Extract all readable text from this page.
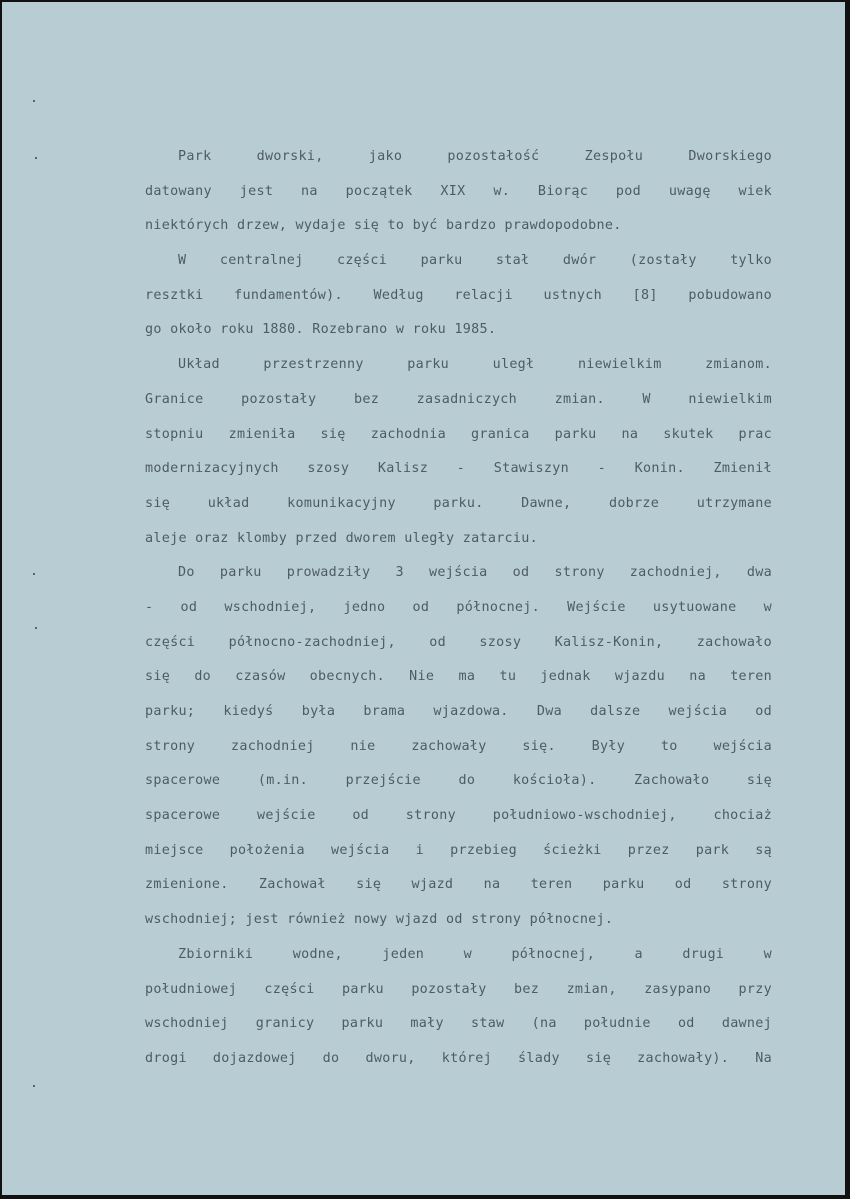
Park dworski, jako pozostałość Zespołu Dworskiego
datowany jest na początek XIX w. Biorąc pod uwagę wiek
niektórych drzew, wydaje się to być bardzo prawdopodobne.
W centralnej części parku stał dwór (zostały tylko
resztki fundamentów). Według relacji ustnych [8] pobudowano
go około roku 1880. Rozebrano w roku 1985.
Układ przestrzenny parku uległ niewielkim zmianom.
Granice pozostały bez zasadniczych zmian. W niewielkim
stopniu zmieniła się zachodnia granica parku na skutek prac
modernizacyjnych szosy Kalisz - Stawiszyn - Konin. Zmienił
się układ komunikacyjny parku. Dawne, dobrze utrzymane
aleje oraz klomby przed dworem uległy zatarciu.
Do parku prowadziły 3 wejścia od strony zachodniej, dwa
- od wschodniej, jedno od północnej. Wejście usytuowane w
części północno-zachodniej, od szosy Kalisz-Konin, zachowało
się do czasów obecnych. Nie ma tu jednak wjazdu na teren
parku; kiedyś była brama wjazdowa. Dwa dalsze wejścia od
strony zachodniej nie zachowały się. Były to wejścia
spacerowe (m.in. przejście do kościoła). Zachowało się
spacerowe wejście od strony południowo-wschodniej, chociaż
miejsce położenia wejścia i przebieg ścieżki przez park są
zmienione. Zachował się wjazd na teren parku od strony
wschodniej; jest również nowy wjazd od strony północnej.
Zbiorniki wodne, jeden w północnej, a drugi w
południowej części parku pozostały bez zmian, zasypano przy
wschodniej granicy parku mały staw (na południe od dawnej
drogi dojazdowej do dworu, której ślady się zachowały). Na
